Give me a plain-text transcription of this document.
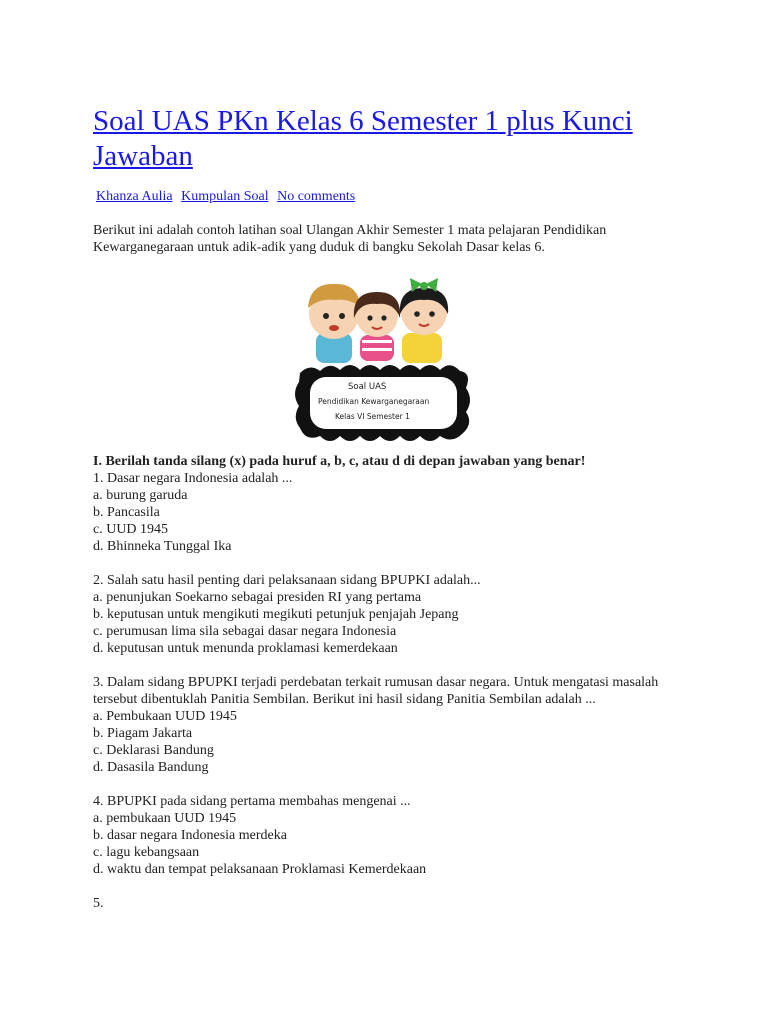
Soal UAS PKn Kelas 6 Semester 1 plus Kunci Jawaban
Khanza Aulia Kumpulan Soal No comments

Berikut ini adalah contoh latihan soal Ulangan Akhir Semester 1 mata pelajaran Pendidikan Kewarganegaraan untuk adik-adik yang duduk di bangku Sekolah Dasar kelas 6.

Soal UAS
Pendidikan Kewarganegaraan
Kelas VI Semester 1
I. Berilah tanda silang (x) pada huruf a, b, c, atau d di depan jawaban yang benar!
1. Dasar negara Indonesia adalah ...
a. burung garuda
b. Pancasila
c. UUD 1945
d. Bhinneka Tunggal Ika
2. Salah satu hasil penting dari pelaksanaan sidang BPUPKI adalah...
a. penunjukan Soekarno sebagai presiden RI yang pertama
b. keputusan untuk mengikuti megikuti petunjuk penjajah Jepang
c. perumusan lima sila sebagai dasar negara Indonesia
d. keputusan untuk menunda proklamasi kemerdekaan
3. Dalam sidang BPUPKI terjadi perdebatan terkait rumusan dasar negara. Untuk mengatasi masalah tersebut dibentuklah Panitia Sembilan. Berikut ini hasil sidang Panitia Sembilan adalah ...
a. Pembukaan UUD 1945
b. Piagam Jakarta
c. Deklarasi Bandung
d. Dasasila Bandung
4. BPUPKI pada sidang pertama membahas mengenai ...
a. pembukaan UUD 1945
b. dasar negara Indonesia merdeka
c. lagu kebangsaan
d. waktu dan tempat pelaksanaan Proklamasi Kemerdekaan
5.
